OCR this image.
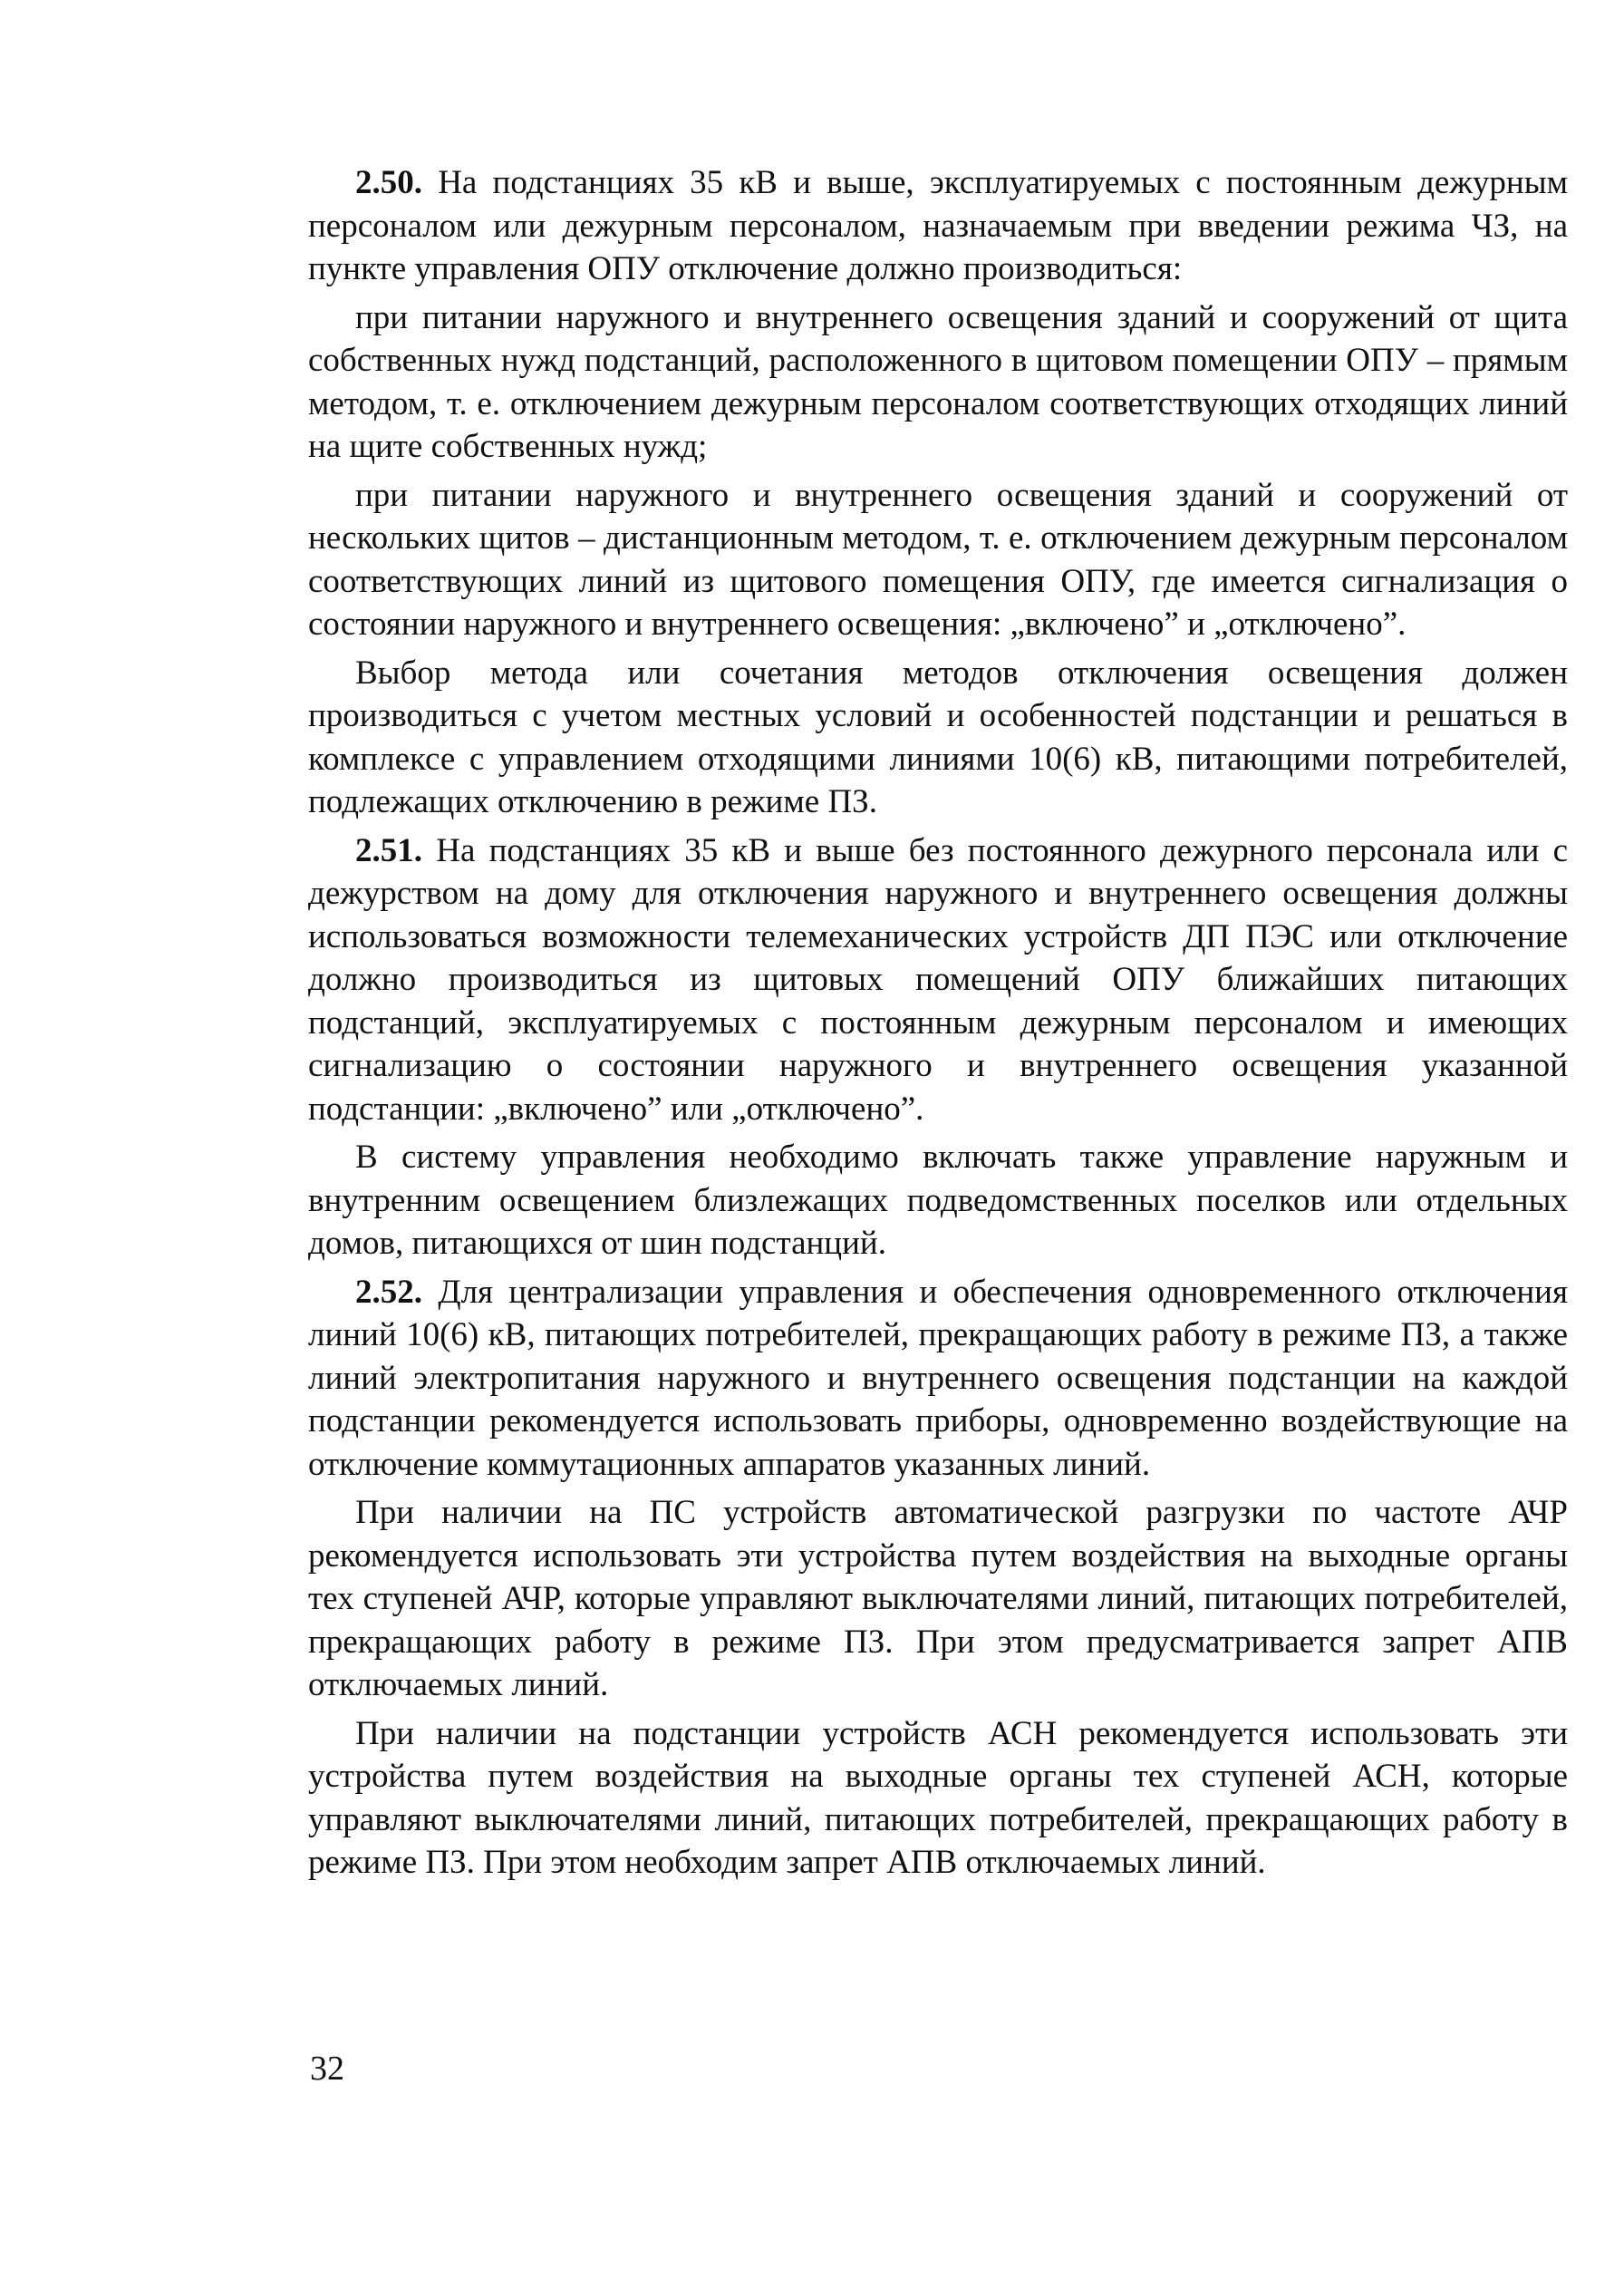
2.50. На подстанциях 35 кВ и выше, эксплуатируемых с постоянным дежурным персоналом или дежурным персоналом, назначаемым при введении режима ЧЗ, на пункте управления ОПУ отключение должно производиться:

при питании наружного и внутреннего освещения зданий и сооружений от щита собственных нужд подстанций, расположенного в щитовом помещении ОПУ – прямым методом, т. е. отключением дежурным персоналом соответствующих отходящих линий на щите собственных нужд;

при питании наружного и внутреннего освещения зданий и сооружений от нескольких щитов – дистанционным методом, т. е. отключением дежурным персоналом соответствующих линий из щитового помещения ОПУ, где имеется сигнализация о состоянии наружного и внутреннего освещения: „включено” и „отключено”.

Выбор метода или сочетания методов отключения освещения должен производиться с учетом местных условий и особенностей подстанции и решаться в комплексе с управлением отходящими линиями 10(6) кВ, питающими потребителей, подлежащих отключению в режиме ПЗ.

2.51. На подстанциях 35 кВ и выше без постоянного дежурного персонала или с дежурством на дому для отключения наружного и внутреннего освещения должны использоваться возможности телемеханических устройств ДП ПЭС или отключение должно производиться из щитовых помещений ОПУ ближайших питающих подстанций, эксплуатируемых с постоянным дежурным персоналом и имеющих сигнализацию о состоянии наружного и внутреннего освещения указанной подстанции: „включено” или „отключено”.

В систему управления необходимо включать также управление наружным и внутренним освещением близлежащих подведомственных поселков или отдельных домов, питающихся от шин подстанций.

2.52. Для централизации управления и обеспечения одновременного отключения линий 10(6) кВ, питающих потребителей, прекращающих работу в режиме ПЗ, а также линий электропитания наружного и внутреннего освещения подстанции на каждой подстанции рекомендуется использовать приборы, одновременно воздействующие на отключение коммутационных аппаратов указанных линий.

При наличии на ПС устройств автоматической разгрузки по частоте АЧР рекомендуется использовать эти устройства путем воздействия на выходные органы тех ступеней АЧР, которые управляют выключателями линий, питающих потребителей, прекращающих работу в режиме ПЗ. При этом предусматривается запрет АПВ отключаемых линий.

При наличии на подстанции устройств АСН рекомендуется использовать эти устройства путем воздействия на выходные органы тех ступеней АСН, которые управляют выключателями линий, питающих потребителей, прекращающих работу в режиме ПЗ. При этом необходим запрет АПВ отключаемых линий.

32
